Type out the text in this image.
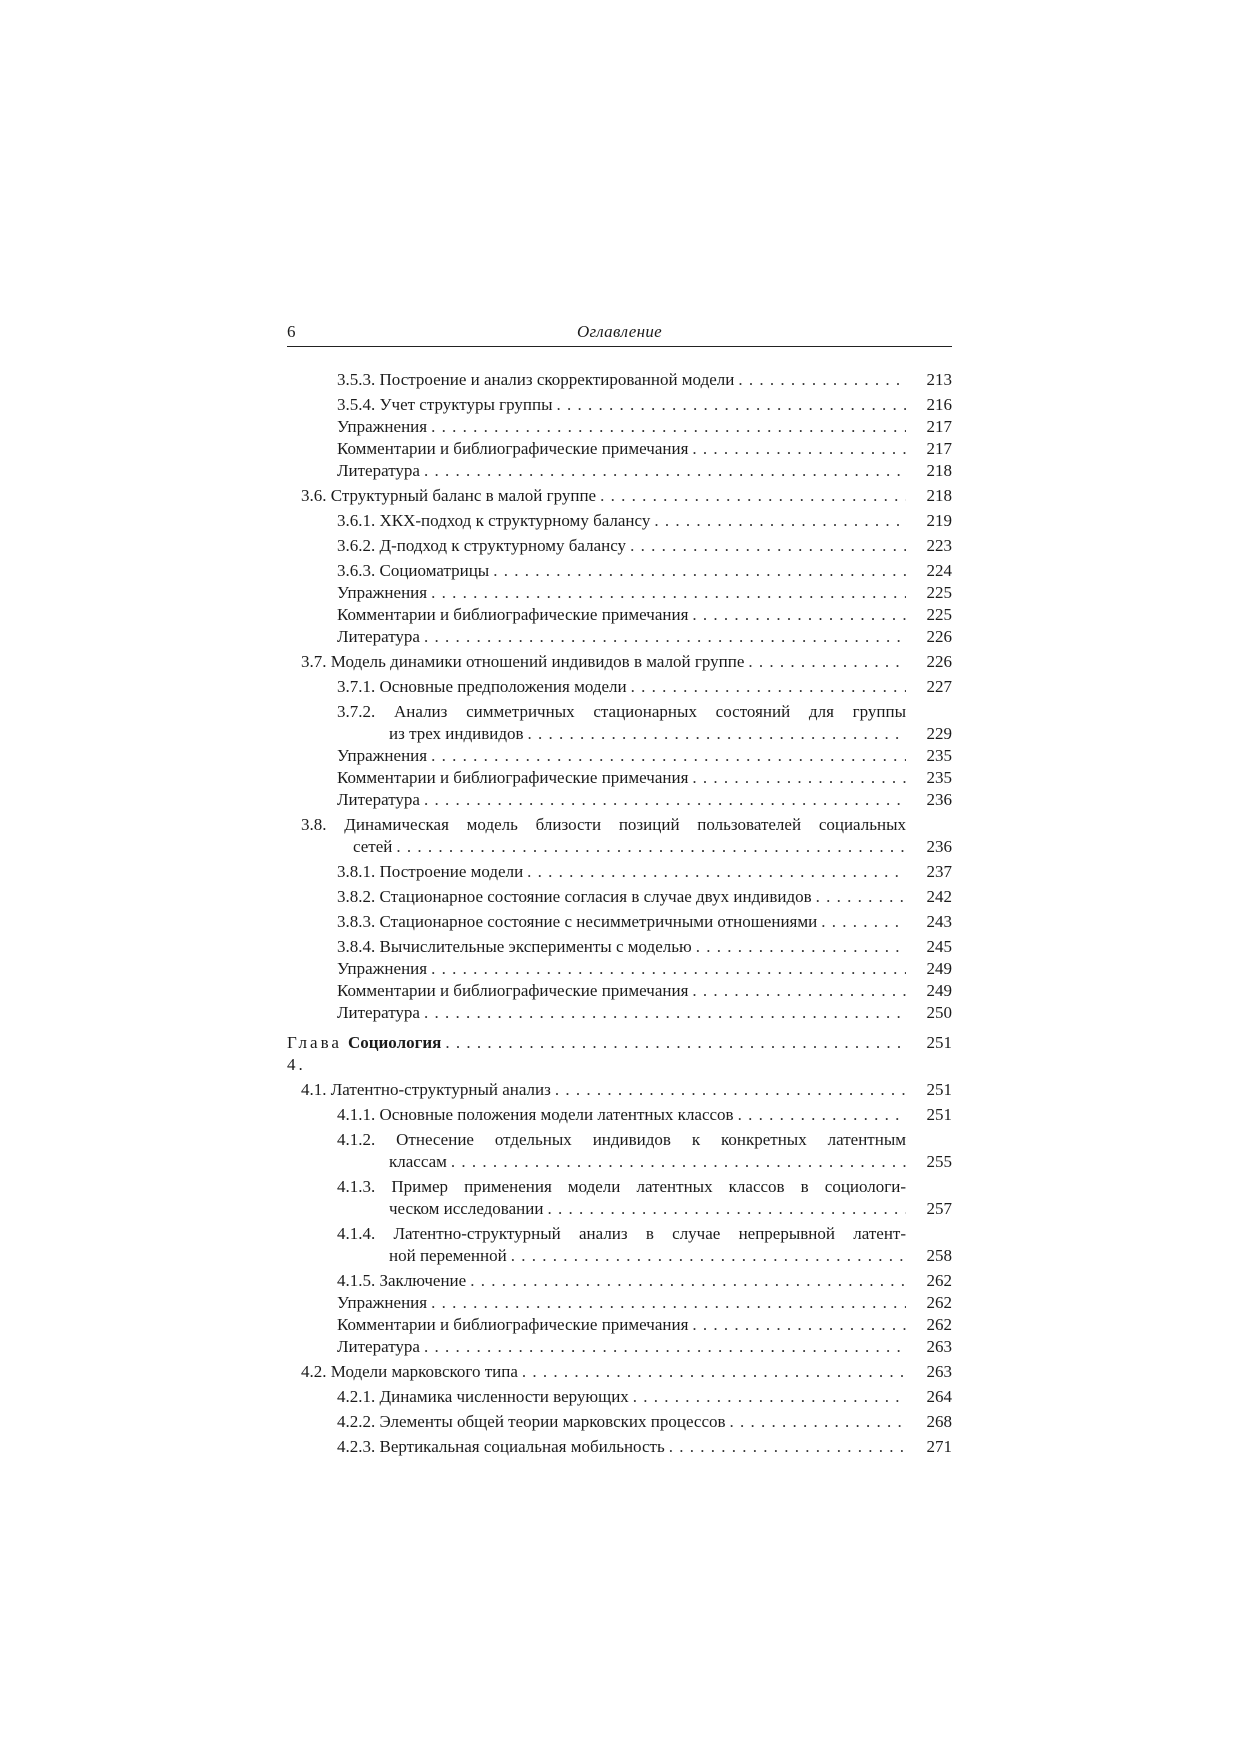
6	Оглавление
3.5.3. Построение и анализ скорректированной модели . . .	213
3.5.4. Учет структуры группы . . .	216
Упражнения . . .	217
Комментарии и библиографические примечания . . .	217
Литература . . .	218
3.6. Структурный баланс в малой группе . . .	218
3.6.1. ХКХ-подход к структурному балансу . . .	219
3.6.2. Д-подход к структурному балансу . . .	223
3.6.3. Социоматрицы . . .	224
Упражнения . . .	225
Комментарии и библиографические примечания . . .	225
Литература . . .	226
3.7. Модель динамики отношений индивидов в малой группе . . .	226
3.7.1. Основные предположения модели . . .	227
3.7.2. Анализ симметричных стационарных состояний для группы
из трех индивидов . . .	229
Упражнения . . .	235
Комментарии и библиографические примечания . . .	235
Литература . . .	236
3.8. Динамическая модель близости позиций пользователей социальных
сетей . . .	236
3.8.1. Построение модели . . .	237
3.8.2. Стационарное состояние согласия в случае двух индивидов . . .	242
3.8.3. Стационарное состояние с несимметричными отношениями . . .	243
3.8.4. Вычислительные эксперименты с моделью . . .	245
Упражнения . . .	249
Комментарии и библиографические примечания . . .	249
Литература . . .	250
Глава 4.
Социология . . .	251
4.1. Латентно-структурный анализ . . .	251
4.1.1. Основные положения модели латентных классов . . .	251
4.1.2. Отнесение отдельных индивидов к конкретных латентным
классам . . .	255
4.1.3. Пример применения модели латентных классов в социологи-
ческом исследовании . . .	257
4.1.4. Латентно-структурный анализ в случае непрерывной латент-
ной переменной . . .	258
4.1.5. Заключение . . .	262
Упражнения . . .	262
Комментарии и библиографические примечания . . .	262
Литература . . .	263
4.2. Модели марковского типа . . .	263
4.2.1. Динамика численности верующих . . .	264
4.2.2. Элементы общей теории марковских процессов . . .	268
4.2.3. Вертикальная социальная мобильность . . .	271
